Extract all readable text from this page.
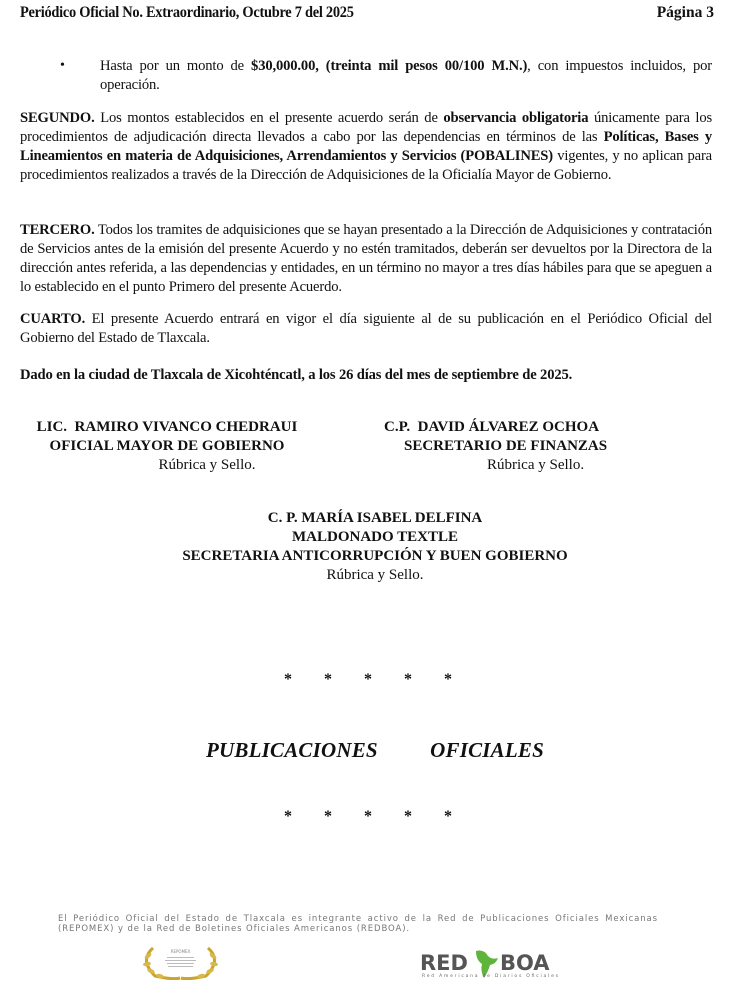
Periódico Oficial No. Extraordinario, Octubre 7 del 2025	Página 3
• Hasta por un monto de $30,000.00, (treinta mil pesos 00/100 M.N.), con impuestos incluidos, por operación.
SEGUNDO. Los montos establecidos en el presente acuerdo serán de observancia obligatoria únicamente para los procedimientos de adjudicación directa llevados a cabo por las dependencias en términos de las Políticas, Bases y Lineamientos en materia de Adquisiciones, Arrendamientos y Servicios (POBALINES) vigentes, y no aplican para procedimientos realizados a través de la Dirección de Adquisiciones de la Oficialía Mayor de Gobierno.
TERCERO. Todos los tramites de adquisiciones que se hayan presentado a la Dirección de Adquisiciones y contratación de Servicios antes de la emisión del presente Acuerdo y no estén tramitados, deberán ser devueltos por la Directora de la dirección antes referida, a las dependencias y entidades, en un término no mayor a tres días hábiles para que se apeguen a lo establecido en el punto Primero del presente Acuerdo.
CUARTO. El presente Acuerdo entrará en vigor el día siguiente al de su publicación en el Periódico Oficial del Gobierno del Estado de Tlaxcala.
Dado en la ciudad de Tlaxcala de Xicohténcatl, a los 26 días del mes de septiembre de 2025.
LIC.  RAMIRO VIVANCO CHEDRAUI
OFICIAL MAYOR DE GOBIERNO
Rúbrica y Sello.
C.P.  DAVID ÁLVAREZ OCHOA
SECRETARIO DE FINANZAS
Rúbrica y Sello.
C. P. MARÍA ISABEL DELFINA
MALDONADO TEXTLE
SECRETARIA ANTICORRUPCIÓN Y BUEN GOBIERNO
Rúbrica y Sello.
* * * * *
PUBLICACIONES   OFICIALES
* * * * *
El Periódico Oficial del Estado de Tlaxcala es integrante activo de la Red de Publicaciones Oficiales Mexicanas (REPOMEX) y de la Red de Boletines Oficiales Americanos (REDBOA).
REPOMEX	RED BOA
Red Americana de Diarios Oficiales
